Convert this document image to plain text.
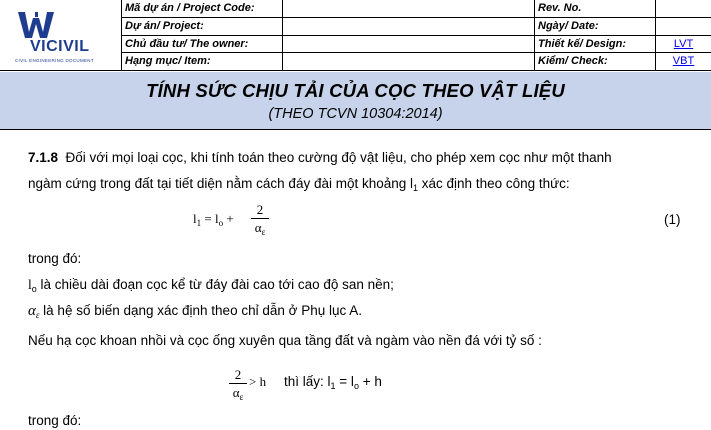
VICIVIL
CIVIL ENGINEERING DOCUMENT
Mã dự án / Project Code:	Rev. No.
Dự án/ Project:	Ngày/ Date:
Chủ đầu tư/ The owner:	Thiết kế/ Design:	LVT
Hạng mục/ Item:	Kiểm/ Check:	VBT
TÍNH SỨC CHỊU TẢI CỦA CỌC THEO VẬT LIỆU
(THEO TCVN 10304:2014)
7.1.8 Đối với mọi loại cọc, khi tính toán theo cường độ vật liệu, cho phép xem cọc như một thanh
ngàm cứng trong đất tại tiết diện nằm cách đáy đài một khoảng $l_1$ xác định theo công thức:
$l_1 = l_o$ +
2
$\alpha_\varepsilon$
(1)
trong đó:
$l_o$ là chiều dài đoạn cọc kể từ đáy đài cao tới cao độ san nền;
$\alpha_\varepsilon$ là hệ số biến dạng xác định theo chỉ dẫn ở Phụ lục A.
Nếu hạ cọc khoan nhồi và cọc ống xuyên qua tầng đất và ngàm vào nền đá với tỷ số :
2
$\alpha_\varepsilon$
> h thì lấy: $l_1 = l_o + h$
trong đó:
